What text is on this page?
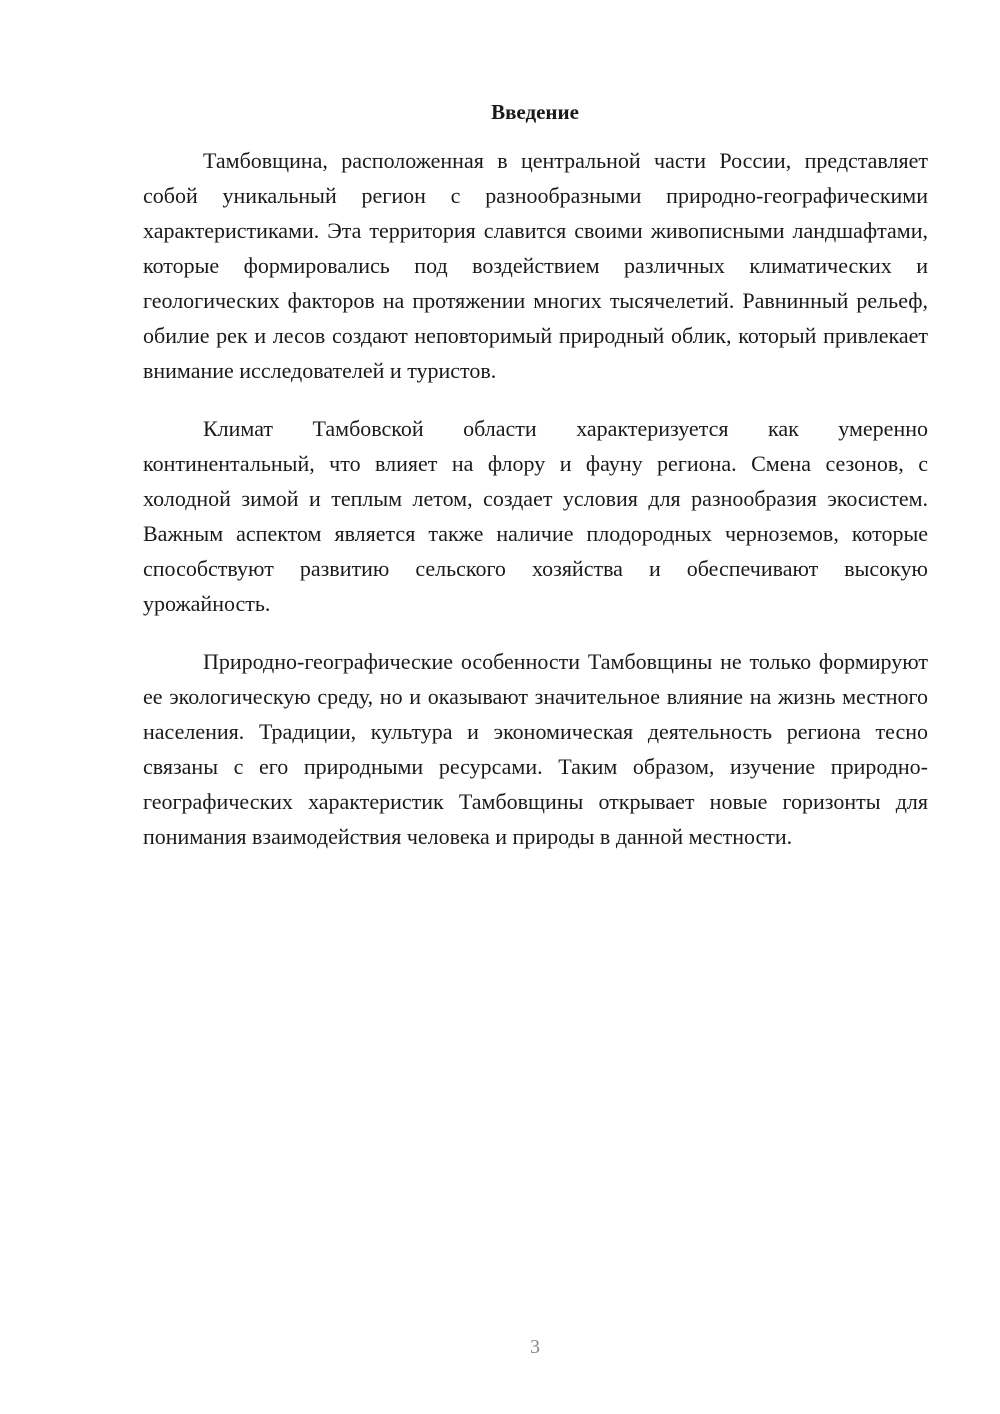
Введение

Тамбовщина, расположенная в центральной части России, представляет собой уникальный регион с разнообразными природно-географическими характеристиками. Эта территория славится своими живописными ландшафтами, которые формировались под воздействием различных климатических и геологических факторов на протяжении многих тысячелетий. Равнинный рельеф, обилие рек и лесов создают неповторимый природный облик, который привлекает внимание исследователей и туристов.

Климат Тамбовской области характеризуется как умеренно континентальный, что влияет на флору и фауну региона. Смена сезонов, с холодной зимой и теплым летом, создает условия для разнообразия экосистем. Важным аспектом является также наличие плодородных черноземов, которые способствуют развитию сельского хозяйства и обеспечивают высокую урожайность.

Природно-географические особенности Тамбовщины не только формируют ее экологическую среду, но и оказывают значительное влияние на жизнь местного населения. Традиции, культура и экономическая деятельность региона тесно связаны с его природными ресурсами. Таким образом, изучение природно-географических характеристик Тамбовщины открывает новые горизонты для понимания взаимодействия человека и природы в данной местности.

3
